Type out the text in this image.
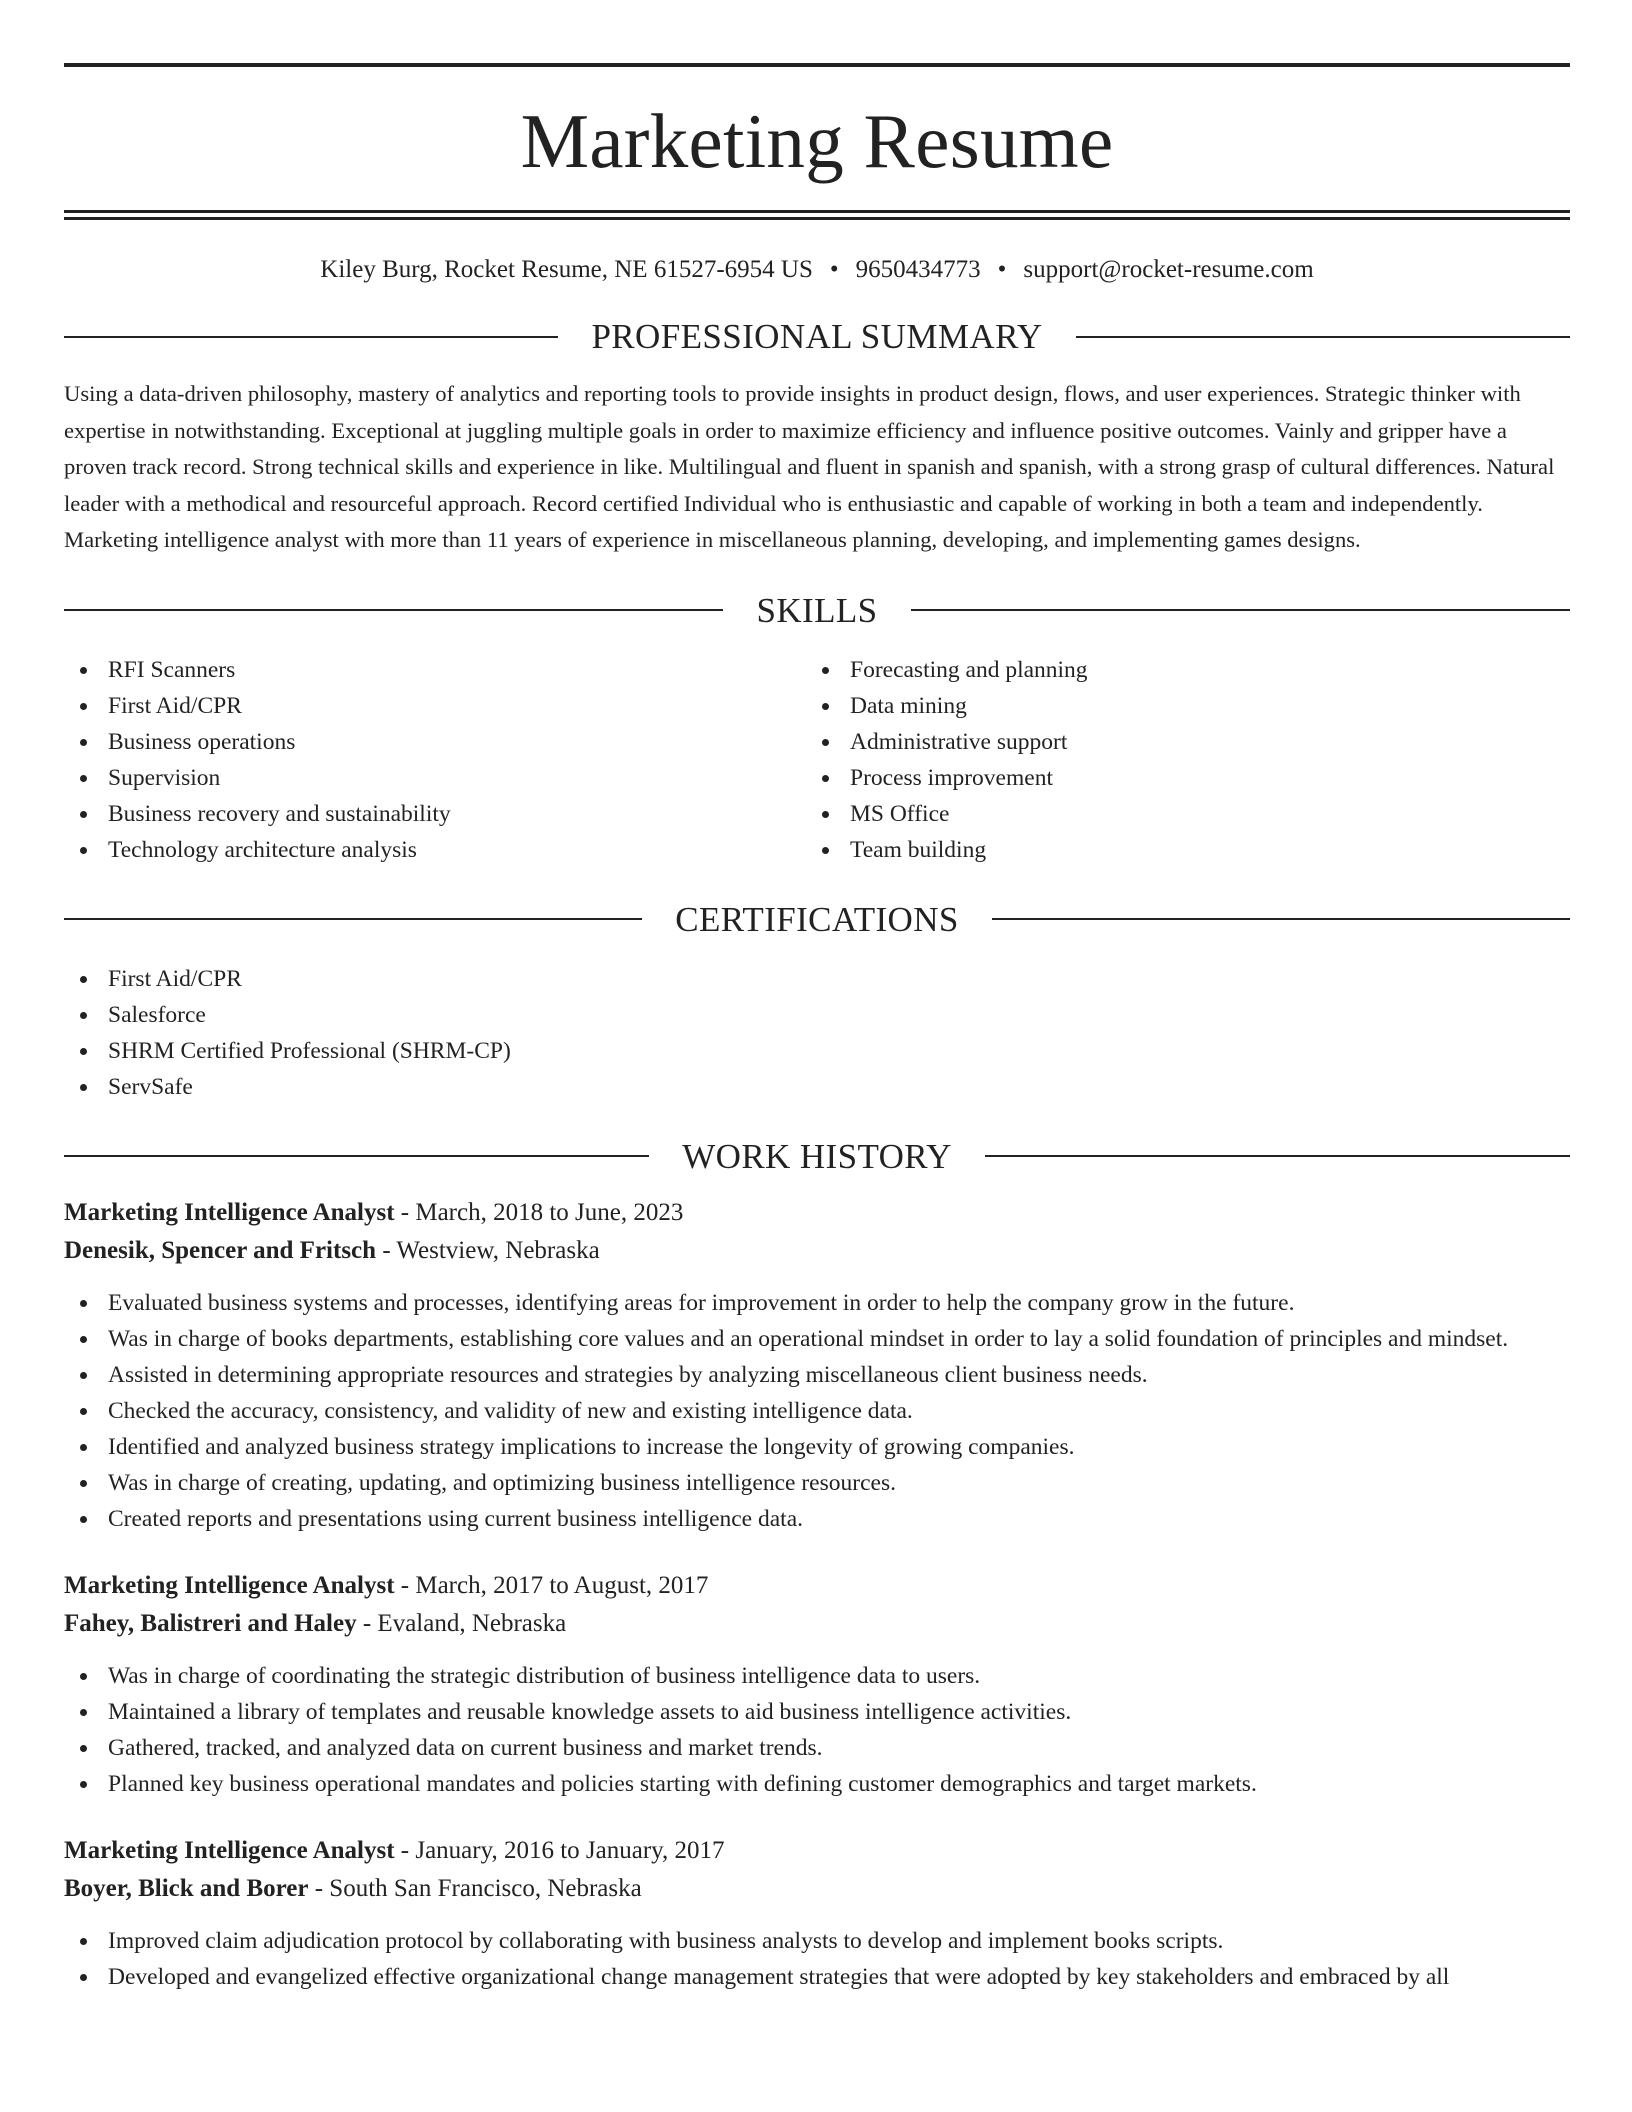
Marketing Resume
Kiley Burg, Rocket Resume, NE 61527-6954 US • 9650434773 • support@rocket-resume.com
PROFESSIONAL SUMMARY
Using a data-driven philosophy, mastery of analytics and reporting tools to provide insights in product design, flows, and user experiences. Strategic thinker with expertise in notwithstanding. Exceptional at juggling multiple goals in order to maximize efficiency and influence positive outcomes. Vainly and gripper have a proven track record. Strong technical skills and experience in like. Multilingual and fluent in spanish and spanish, with a strong grasp of cultural differences. Natural leader with a methodical and resourceful approach. Record certified Individual who is enthusiastic and capable of working in both a team and independently. Marketing intelligence analyst with more than 11 years of experience in miscellaneous planning, developing, and implementing games designs.
SKILLS
RFI Scanners
First Aid/CPR
Business operations
Supervision
Business recovery and sustainability
Technology architecture analysis
Forecasting and planning
Data mining
Administrative support
Process improvement
MS Office
Team building
CERTIFICATIONS
First Aid/CPR
Salesforce
SHRM Certified Professional (SHRM-CP)
ServSafe
WORK HISTORY
Marketing Intelligence Analyst - March, 2018 to June, 2023
Denesik, Spencer and Fritsch - Westview, Nebraska
Evaluated business systems and processes, identifying areas for improvement in order to help the company grow in the future.
Was in charge of books departments, establishing core values and an operational mindset in order to lay a solid foundation of principles and mindset.
Assisted in determining appropriate resources and strategies by analyzing miscellaneous client business needs.
Checked the accuracy, consistency, and validity of new and existing intelligence data.
Identified and analyzed business strategy implications to increase the longevity of growing companies.
Was in charge of creating, updating, and optimizing business intelligence resources.
Created reports and presentations using current business intelligence data.
Marketing Intelligence Analyst - March, 2017 to August, 2017
Fahey, Balistreri and Haley - Evaland, Nebraska
Was in charge of coordinating the strategic distribution of business intelligence data to users.
Maintained a library of templates and reusable knowledge assets to aid business intelligence activities.
Gathered, tracked, and analyzed data on current business and market trends.
Planned key business operational mandates and policies starting with defining customer demographics and target markets.
Marketing Intelligence Analyst - January, 2016 to January, 2017
Boyer, Blick and Borer - South San Francisco, Nebraska
Improved claim adjudication protocol by collaborating with business analysts to develop and implement books scripts.
Developed and evangelized effective organizational change management strategies that were adopted by key stakeholders and embraced by all
